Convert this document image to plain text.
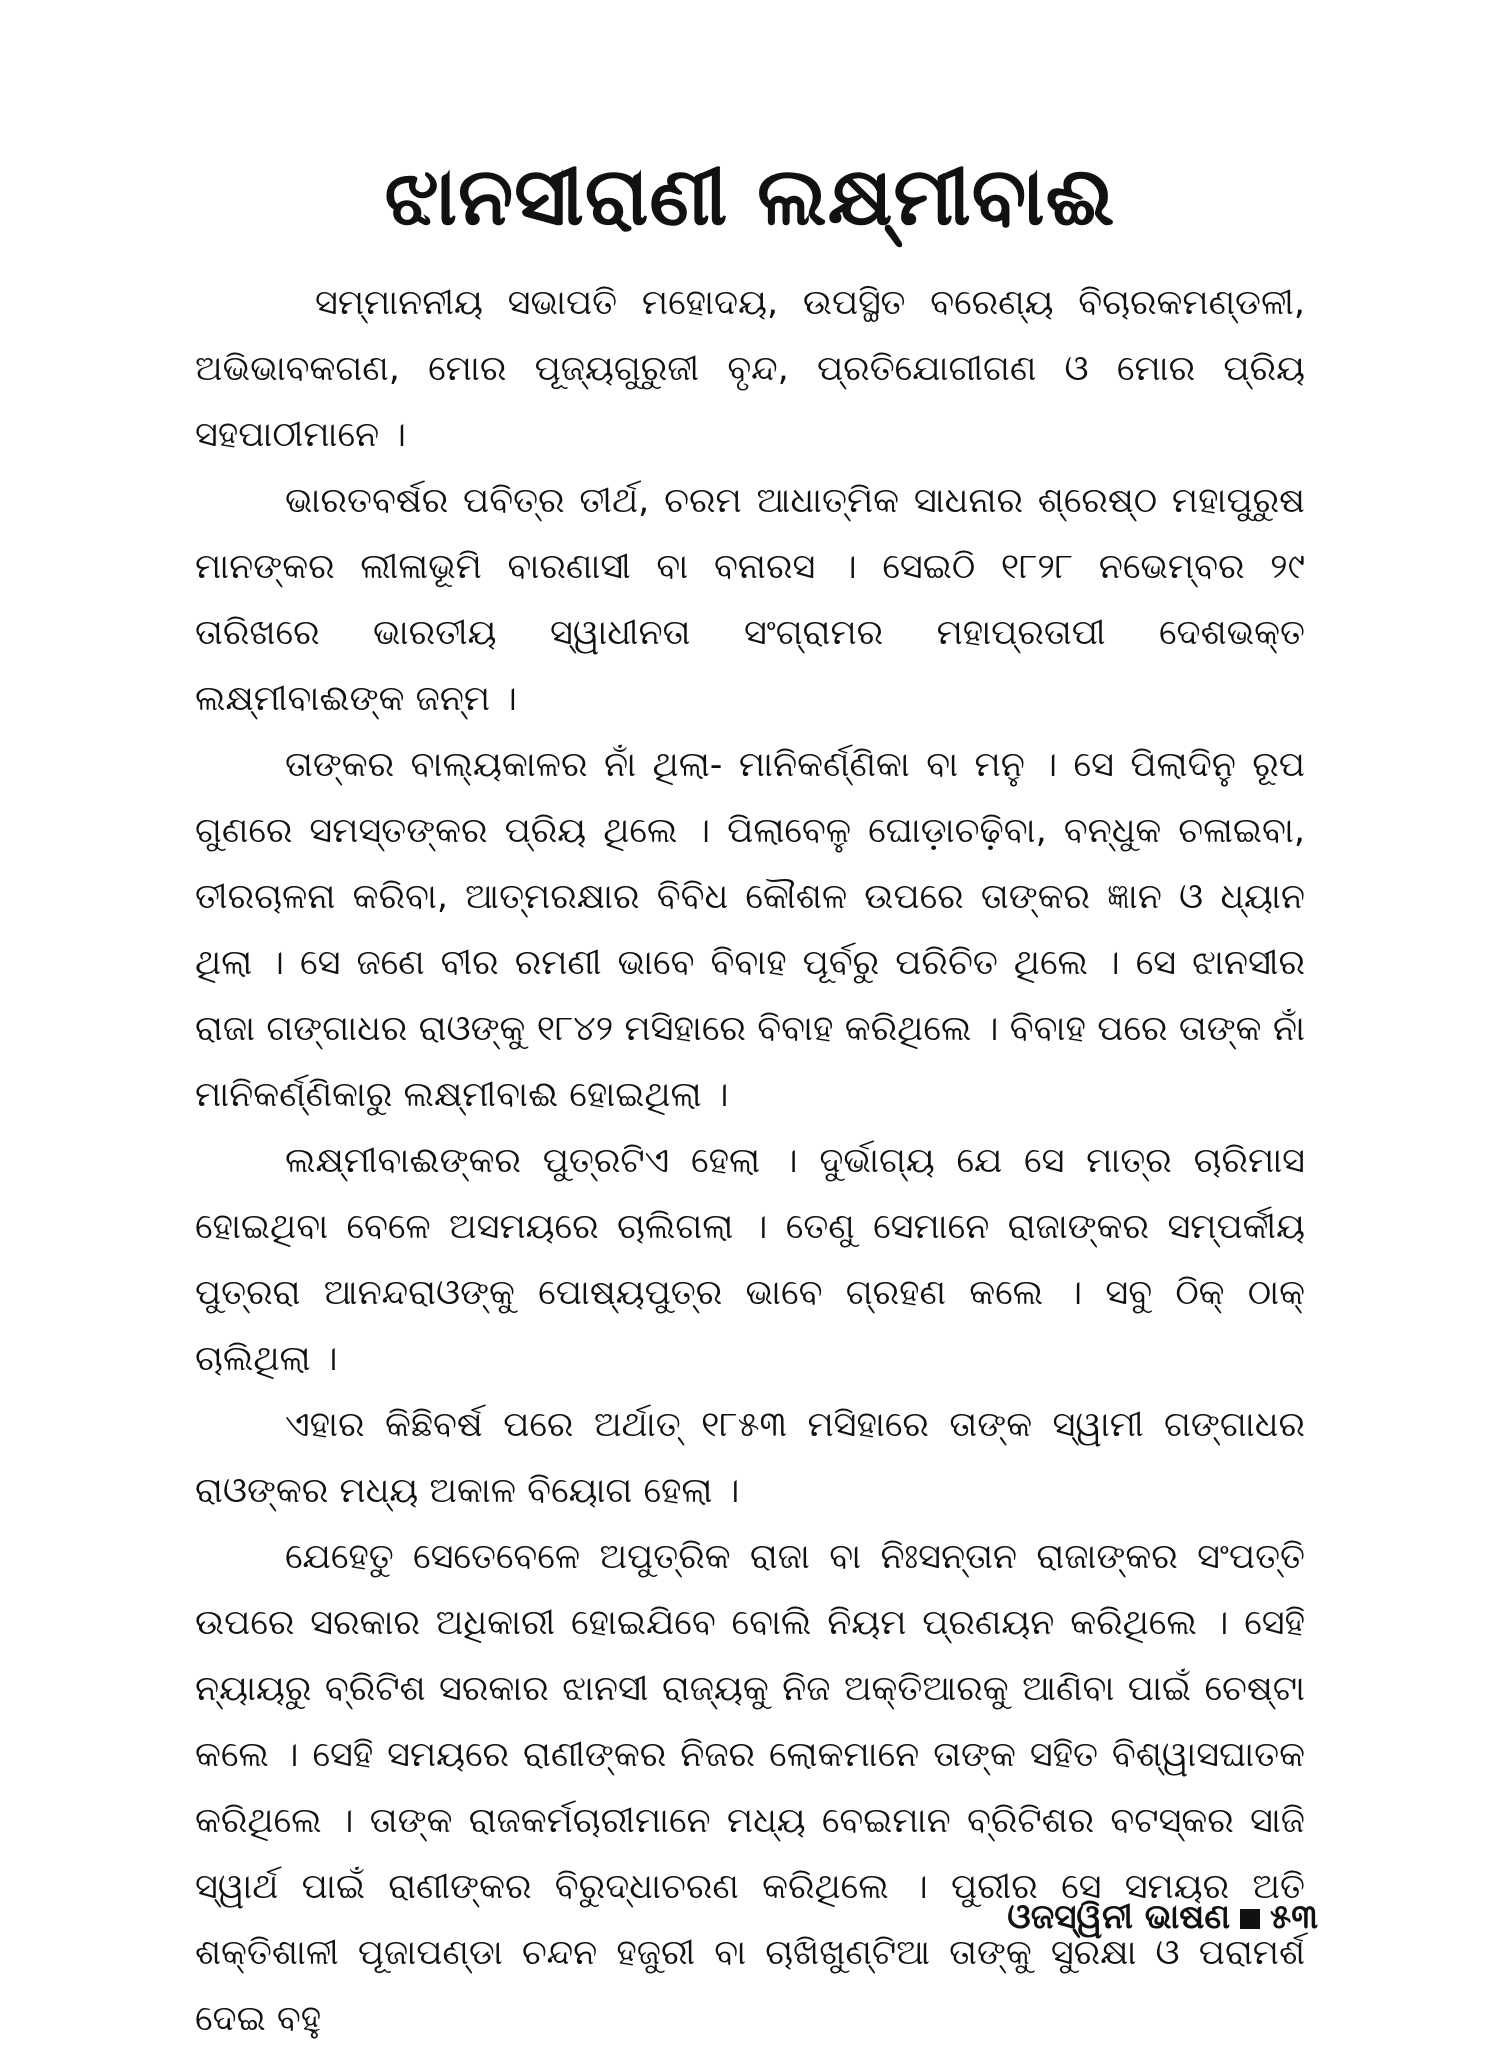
ଝାନସୀରାଣୀ ଲକ୍ଷ୍ମୀବାଈ

ସମ୍ମାନନୀୟ ସଭାପତି ମହୋଦୟ, ଉପସ୍ଥିତ ବରେଣ୍ୟ ବିଚାରକମଣ୍ଡଳୀ, ଅଭିଭାବକଗଣ, ମୋର ପୂଜ୍ୟଗୁରୁଜୀ ବୃନ୍ଦ, ପ୍ରତିଯୋଗୀଗଣ ଓ ମୋର ପ୍ରିୟ ସହପାଠୀମାନେ ।

ଭାରତବର୍ଷର ପବିତ୍ର ତୀର୍ଥ, ଚରମ ଆଧାତ୍ମିକ ସାଧନାର ଶ୍ରେଷ୍ଠ ମହାପୁରୁଷ ମାନଙ୍କର ଲୀଳାଭୂମି ବାରଣାସୀ ବା ବନାରସ । ସେଇଠି ୧୮୨୮ ନଭେମ୍ବର ୨୯ ତାରିଖରେ ଭାରତୀୟ ସ୍ୱାଧୀନତା ସଂଗ୍ରାମର ମହାପ୍ରତାପୀ ଦେଶଭକ୍ତ ଲକ୍ଷ୍ମୀବାଈଙ୍କ ଜନ୍ମ ।

ତାଙ୍କର ବାଲ୍ୟକାଳର ନାଁ ଥିଲା- ମାନିକର୍ଣ୍ଣିକା ବା ମନୁ । ସେ ପିଲାଦିନୁ ରୂପ ଗୁଣରେ ସମସ୍ତଙ୍କର ପ୍ରିୟ ଥିଲେ । ପିଲାବେଳୁ ଘୋଡ଼ାଚଢ଼ିବା, ବନ୍ଧୁକ ଚଳାଇବା, ତୀରଚାଳନା କରିବା, ଆତ୍ମରକ୍ଷାର ବିବିଧ କୌଶଳ ଉପରେ ତାଙ୍କର ଜ୍ଞାନ ଓ ଧ୍ୟାନ ଥିଲା । ସେ ଜଣେ ବୀର ରମଣୀ ଭାବେ ବିବାହ ପୂର୍ବରୁ ପରିଚିତ ଥିଲେ । ସେ ଝାନସୀର ରାଜା ଗଙ୍ଗାଧର ରାଓଙ୍କୁ ୧୮୪୨ ମସିହାରେ ବିବାହ କରିଥିଲେ । ବିବାହ ପରେ ତାଙ୍କ ନାଁ ମାନିକର୍ଣ୍ଣିକାରୁ ଲକ୍ଷ୍ମୀବାଈ ହୋଇଥିଲା ।

ଲକ୍ଷ୍ମୀବାଈଙ୍କର ପୁତ୍ରଟିଏ ହେଲା । ଦୁର୍ଭାଗ୍ୟ ଯେ ସେ ମାତ୍ର ଚାରିମାସ ହୋଇଥିବା ବେଳେ ଅସମୟରେ ଚାଲିଗଲା । ତେଣୁ ସେମାନେ ରାଜାଙ୍କର ସମ୍ପର୍କୀୟ ପୁତ୍ରରା ଆନନ୍ଦରାଓଙ୍କୁ ପୋଷ୍ୟପୁତ୍ର ଭାବେ ଗ୍ରହଣ କଲେ । ସବୁ ଠିକ୍ ଠାକ୍ ଚାଲିଥିଲା ।

ଏହାର କିଛିବର୍ଷ ପରେ ଅର୍ଥାତ୍ ୧୮୫୩ ମସିହାରେ ତାଙ୍କ ସ୍ୱାମୀ ଗଙ୍ଗାଧର ରାଓଙ୍କର ମଧ୍ୟ ଅକାଳ ବିୟୋଗ ହେଲା ।

ଯେହେତୁ ସେତେବେଳେ ଅପୁତ୍ରିକ ରାଜା ବା ନିଃସନ୍ତାନ ରାଜାଙ୍କର ସଂପତ୍ତି ଉପରେ ସରକାର ଅଧିକାରୀ ହୋଇଯିବେ ବୋଲି ନିୟମ ପ୍ରଣୟନ କରିଥିଲେ । ସେହି ନ୍ୟାୟରୁ ବ୍ରିଟିଶ ସରକାର ଝାନସୀ ରାଜ୍ୟକୁ ନିଜ ଅକ୍ତିଆରକୁ ଆଣିବା ପାଇଁ ଚେଷ୍ଟା କଲେ । ସେହି ସମୟରେ ରାଣୀଙ୍କର ନିଜର ଲୋକମାନେ ତାଙ୍କ ସହିତ ବିଶ୍ୱାସଘାତକ କରିଥିଲେ । ତାଙ୍କ ରାଜକର୍ମଚାରୀମାନେ ମଧ୍ୟ ବେଇମାନ ବ୍ରିଟିଶର ବଟସ୍କର ସାଜି ସ୍ୱାର୍ଥ ପାଇଁ ରାଣୀଙ୍କର ବିରୁଦ୍ଧାଚରଣ କରିଥିଲେ । ପୁରୀର ସେ ସମୟର ଅତି ଶକ୍ତିଶାଳୀ ପୂଜାପଣ୍ଡା ଚନ୍ଦନ ହଜୁରୀ ବା ଚାଖିଖୁଣ୍ଟିଆ ତାଙ୍କୁ ସୁରକ୍ଷା ଓ ପରାମର୍ଶ ଦେଇ ବହୁ

ଓଜସ୍ୱିନୀ ଭାଷଣ ୫୩
